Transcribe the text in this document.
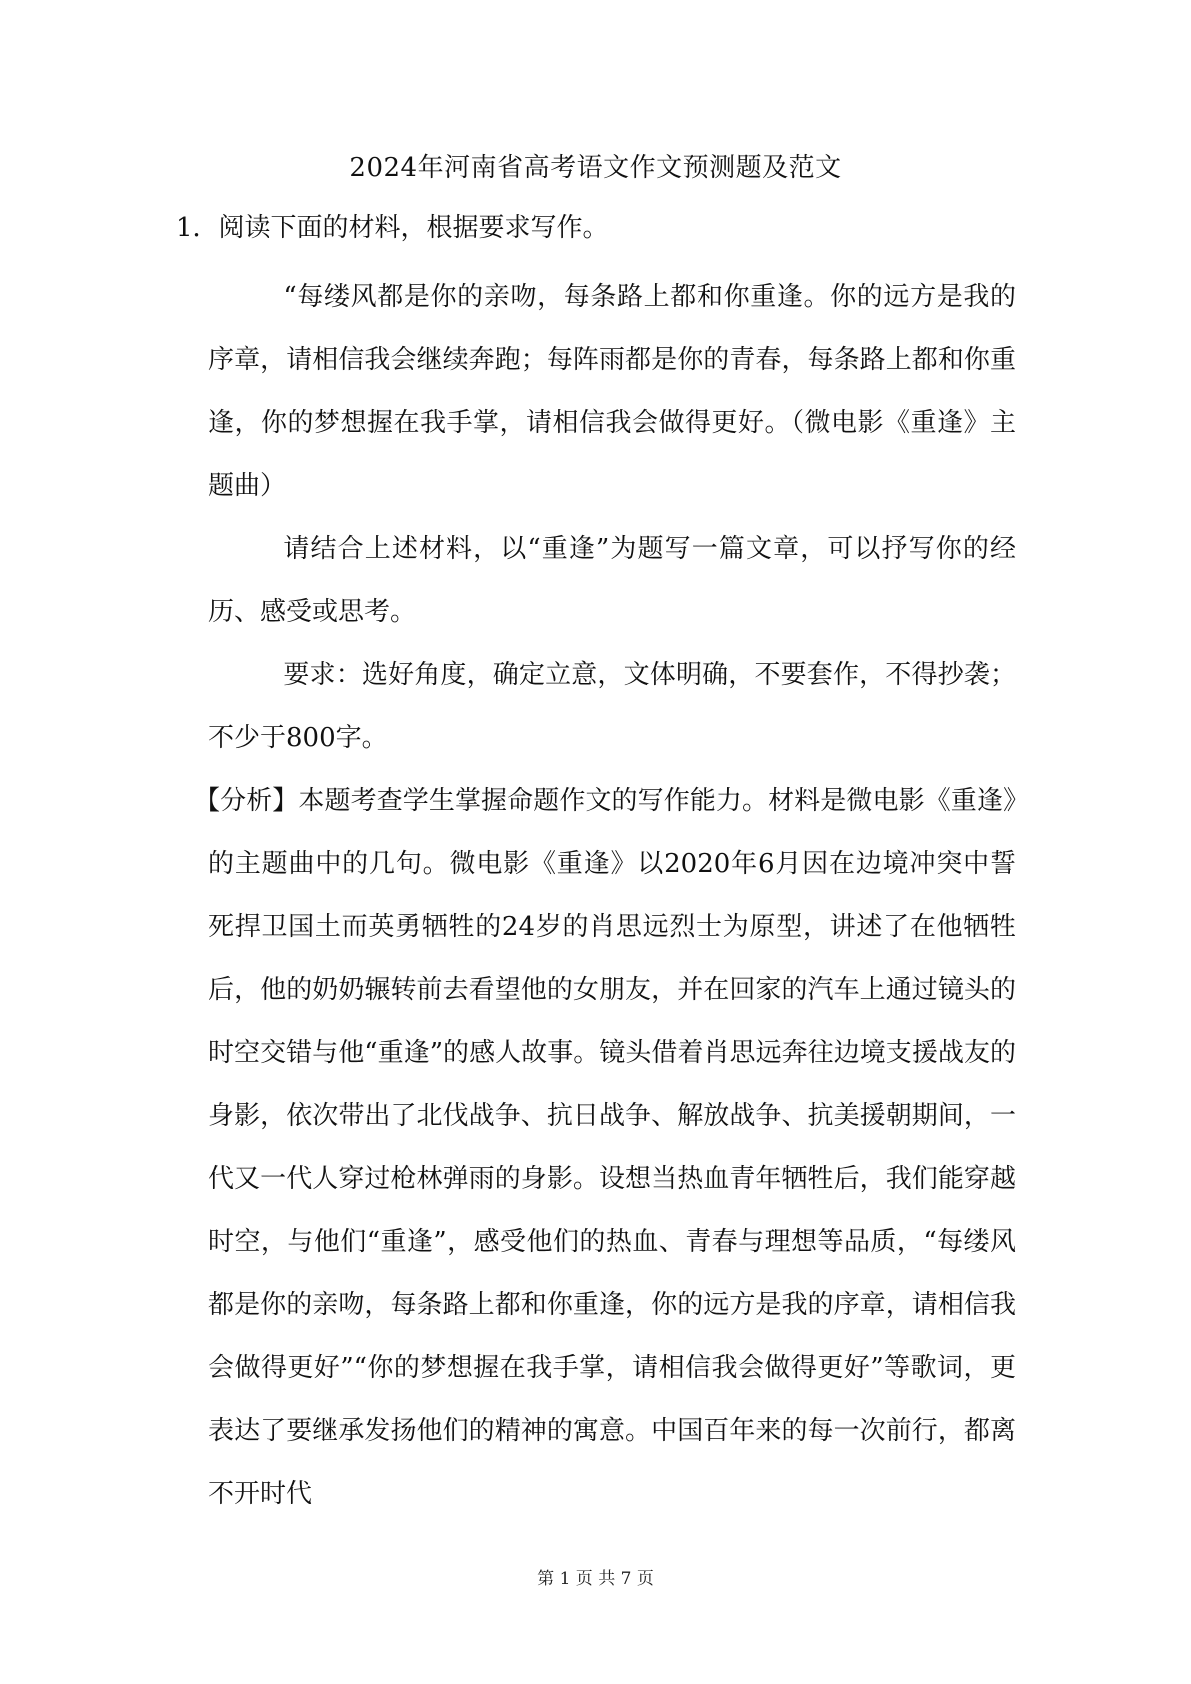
2024年河南省高考语文作文预测题及范文
1．阅读下面的材料，根据要求写作。

“每缕风都是你的亲吻，每条路上都和你重逢。你的远方是我的序章，请相信我会继续奔跑；每阵雨都是你的青春，每条路上都和你重逢，你的梦想握在我手掌，请相信我会做得更好。（微电影《重逢》主题曲）

请结合上述材料，以“重逢”为题写一篇文章，可以抒写你的经历、感受或思考。

要求：选好角度，确定立意，文体明确，不要套作，不得抄袭；不少于800字。

【分析】本题考查学生掌握命题作文的写作能力。材料是微电影《重逢》的主题曲中的几句。微电影《重逢》以2020年6月因在边境冲突中誓死捍卫国土而英勇牺牲的24岁的肖思远烈士为原型，讲述了在他牺牲后，他的奶奶辗转前去看望他的女朋友，并在回家的汽车上通过镜头的时空交错与他“重逢”的感人故事。镜头借着肖思远奔往边境支援战友的身影，依次带出了北伐战争、抗日战争、解放战争、抗美援朝期间，一代又一代人穿过枪林弹雨的身影。设想当热血青年牺牲后，我们能穿越时空，与他们“重逢”，感受他们的热血、青春与理想等品质，“每缕风都是你的亲吻，每条路上都和你重逢，你的远方是我的序章，请相信我会做得更好”“你的梦想握在我手掌，请相信我会做得更好”等歌词，更表达了要继承发扬他们的精神的寓意。中国百年来的每一次前行，都离不开时代

第 1 页 共 7 页
